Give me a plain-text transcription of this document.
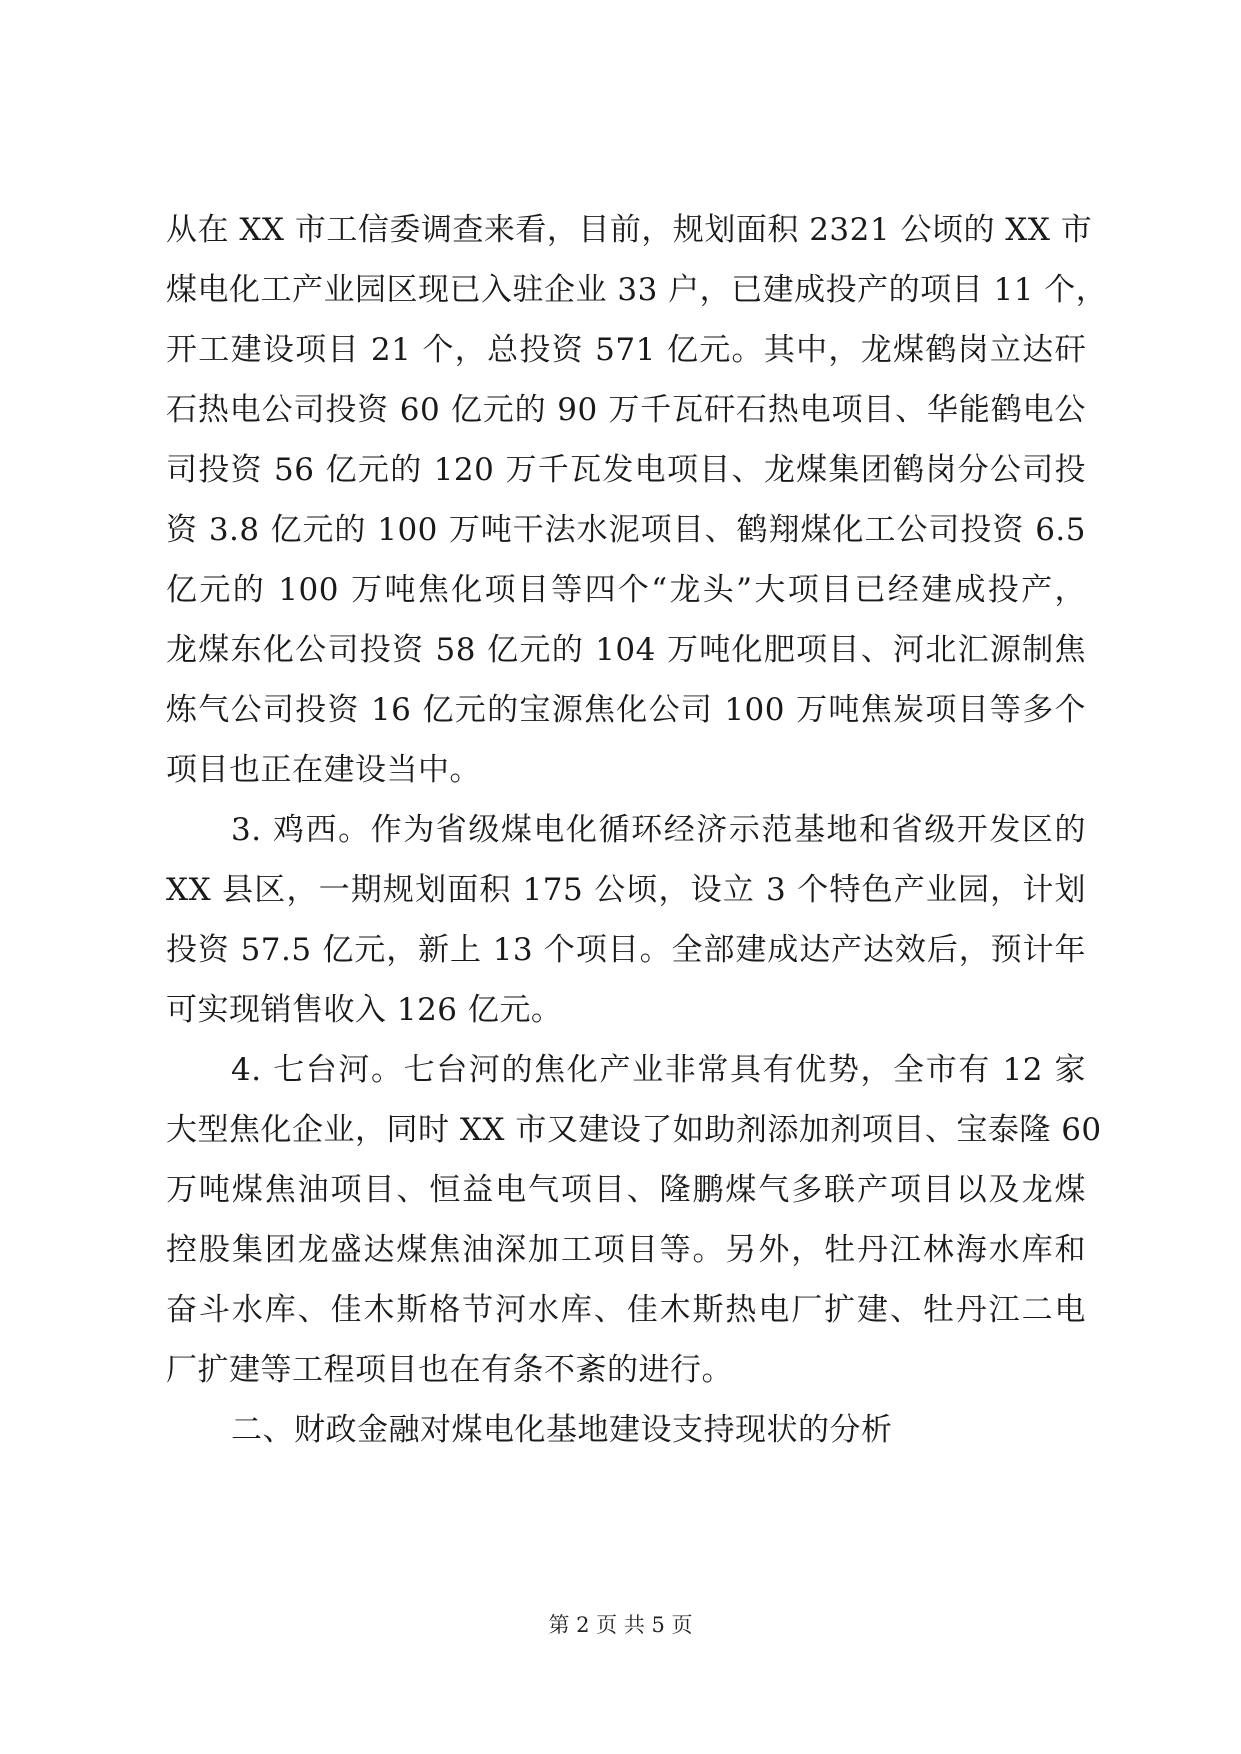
从在 XX 市工信委调查来看，目前，规划面积 2321 公顷的 XX 市
煤电化工产业园区现已入驻企业 33 户，已建成投产的项目 11 个，
开工建设项目 21 个，总投资 571 亿元。其中，龙煤鹤岗立达矸
石热电公司投资 60 亿元的 90 万千瓦矸石热电项目、华能鹤电公
司投资 56 亿元的 120 万千瓦发电项目、龙煤集团鹤岗分公司投
资 3.8 亿元的 100 万吨干法水泥项目、鹤翔煤化工公司投资 6.5
亿元的 100 万吨焦化项目等四个“龙头”大项目已经建成投产，
龙煤东化公司投资 58 亿元的 104 万吨化肥项目、河北汇源制焦
炼气公司投资 16 亿元的宝源焦化公司 100 万吨焦炭项目等多个
项目也正在建设当中。
3. 鸡西。作为省级煤电化循环经济示范基地和省级开发区的
XX 县区，一期规划面积 175 公顷，设立 3 个特色产业园，计划
投资 57.5 亿元，新上 13 个项目。全部建成达产达效后，预计年
可实现销售收入 126 亿元。
4. 七台河。七台河的焦化产业非常具有优势，全市有 12 家
大型焦化企业，同时 XX 市又建设了如助剂添加剂项目、宝泰隆 60
万吨煤焦油项目、恒益电气项目、隆鹏煤气多联产项目以及龙煤
控股集团龙盛达煤焦油深加工项目等。另外，牡丹江林海水库和
奋斗水库、佳木斯格节河水库、佳木斯热电厂扩建、牡丹江二电
厂扩建等工程项目也在有条不紊的进行。
二、财政金融对煤电化基地建设支持现状的分析
第 2 页 共 5 页
